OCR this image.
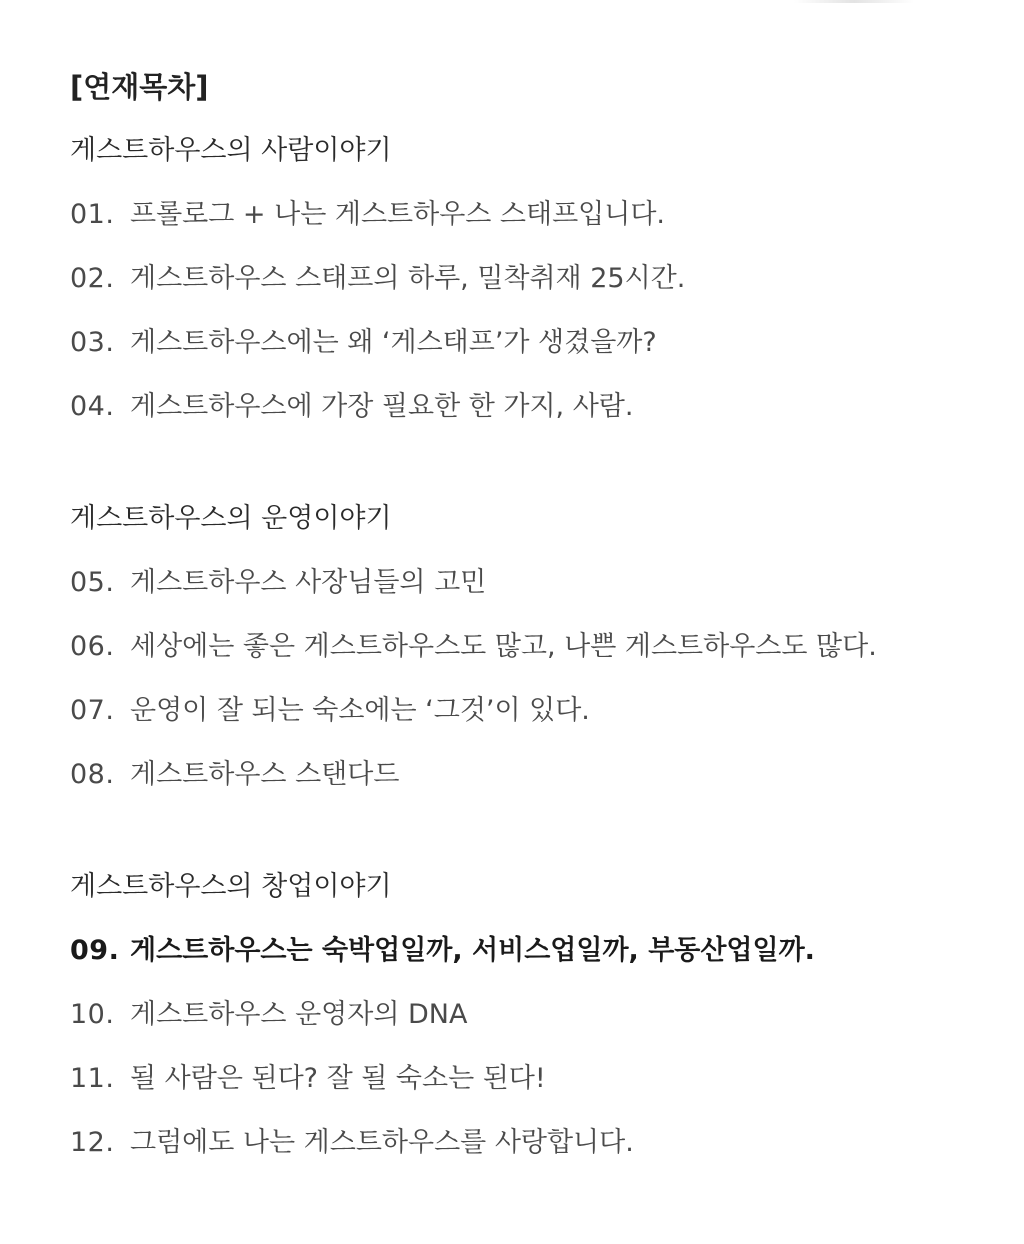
[연재목차]
게스트하우스의 사람이야기
01. 프롤로그 + 나는 게스트하우스 스태프입니다.
02. 게스트하우스 스태프의 하루, 밀착취재 25시간.
03. 게스트하우스에는 왜 ‘게스태프’가 생겼을까?
04. 게스트하우스에 가장 필요한 한 가지, 사람.
게스트하우스의 운영이야기
05. 게스트하우스 사장님들의 고민
06. 세상에는 좋은 게스트하우스도 많고, 나쁜 게스트하우스도 많다.
07. 운영이 잘 되는 숙소에는 ‘그것’이 있다.
08. 게스트하우스 스탠다드
게스트하우스의 창업이야기
09. 게스트하우스는 숙박업일까, 서비스업일까, 부동산업일까.
10. 게스트하우스 운영자의 DNA
11. 될 사람은 된다? 잘 될 숙소는 된다!
12. 그럼에도 나는 게스트하우스를 사랑합니다.
